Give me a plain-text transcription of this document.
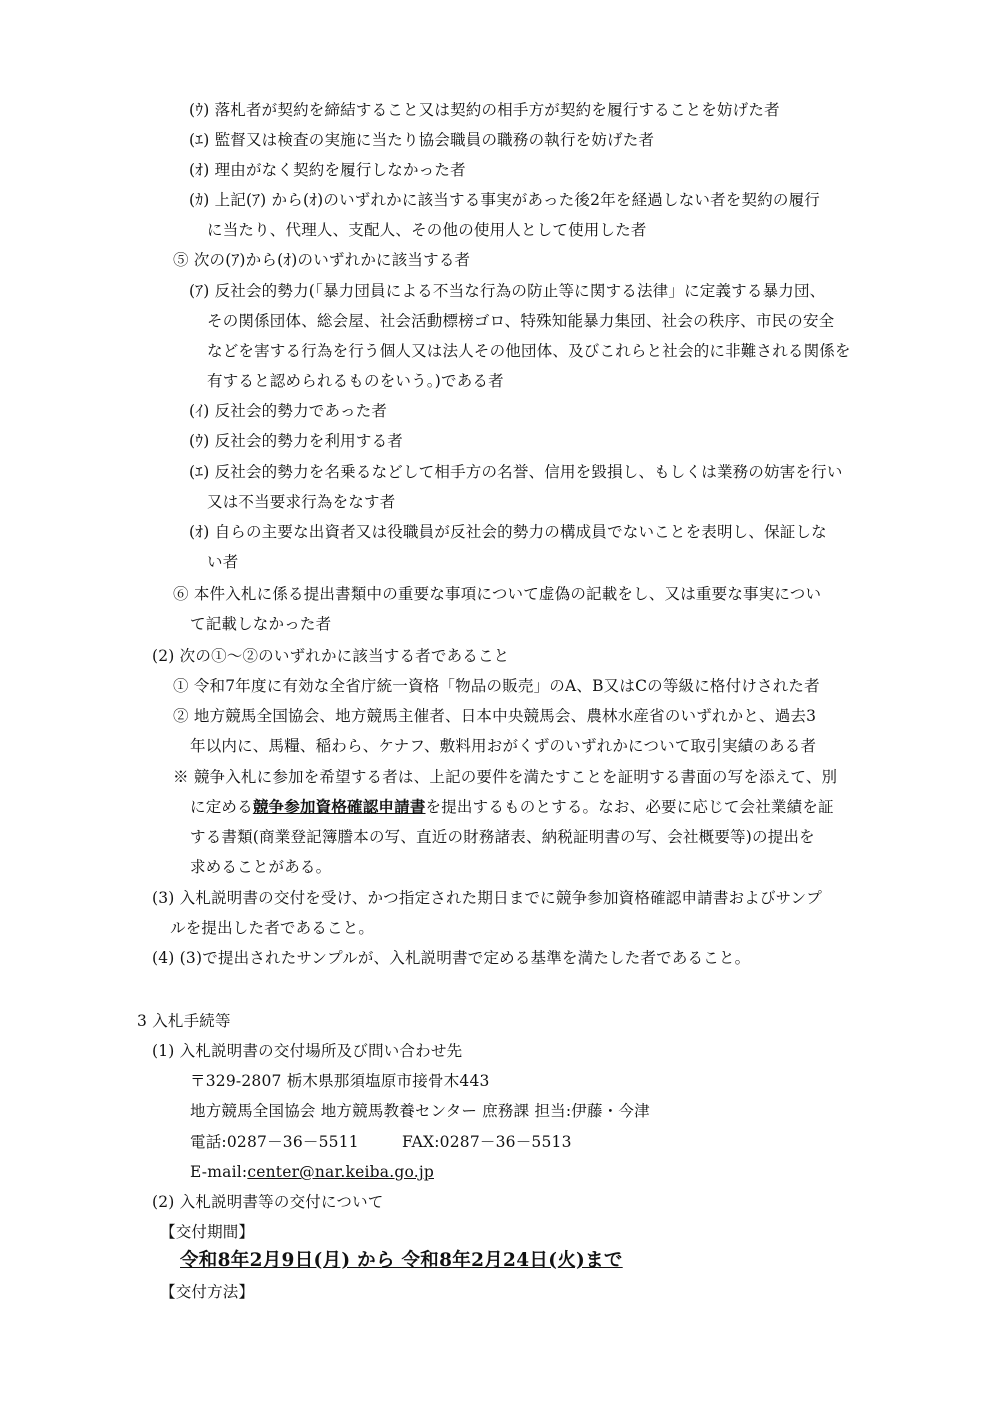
(ｳ) 落札者が契約を締結すること又は契約の相手方が契約を履行することを妨げた者
(ｴ) 監督又は検査の実施に当たり協会職員の職務の執行を妨げた者
(ｵ) 理由がなく契約を履行しなかった者
(ｶ) 上記(ｱ) から(ｵ)のいずれかに該当する事実があった後2年を経過しない者を契約の履行
に当たり、代理人、支配人、その他の使用人として使用した者
⑤ 次の(ｱ)から(ｵ)のいずれかに該当する者
(ｱ) 反社会的勢力(「暴力団員による不当な行為の防止等に関する法律」に定義する暴力団、
その関係団体、総会屋、社会活動標榜ゴロ、特殊知能暴力集団、社会の秩序、市民の安全
などを害する行為を行う個人又は法人その他団体、及びこれらと社会的に非難される関係を
有すると認められるものをいう。)である者
(ｲ) 反社会的勢力であった者
(ｳ) 反社会的勢力を利用する者
(ｴ) 反社会的勢力を名乗るなどして相手方の名誉、信用を毀損し、もしくは業務の妨害を行い
又は不当要求行為をなす者
(ｵ) 自らの主要な出資者又は役職員が反社会的勢力の構成員でないことを表明し、保証しな
い者
⑥ 本件入札に係る提出書類中の重要な事項について虚偽の記載をし、又は重要な事実につい
て記載しなかった者
(2) 次の①～②のいずれかに該当する者であること
① 令和7年度に有効な全省庁統一資格「物品の販売」のA、B又はCの等級に格付けされた者
② 地方競馬全国協会、地方競馬主催者、日本中央競馬会、農林水産省のいずれかと、過去3
年以内に、馬糧、稲わら、ケナフ、敷料用おがくずのいずれかについて取引実績のある者
※ 競争入札に参加を希望する者は、上記の要件を満たすことを証明する書面の写を添えて、別
に定める競争参加資格確認申請書を提出するものとする。なお、必要に応じて会社業績を証
する書類(商業登記簿謄本の写、直近の財務諸表、納税証明書の写、会社概要等)の提出を
求めることがある。
(3) 入札説明書の交付を受け、かつ指定された期日までに競争参加資格確認申請書およびサンプ
ルを提出した者であること。
(4) (3)で提出されたサンプルが、入札説明書で定める基準を満たした者であること。
3 入札手続等
(1) 入札説明書の交付場所及び問い合わせ先
〒329-2807 栃木県那須塩原市接骨木443
地方競馬全国協会 地方競馬教養センター 庶務課 担当:伊藤・今津
電話:0287－36－5511	FAX:0287－36－5513
E-mail:center@nar.keiba.go.jp
(2) 入札説明書等の交付について
【交付期間】
令和8年2月9日(月) から 令和8年2月24日(火)まで
【交付方法】
